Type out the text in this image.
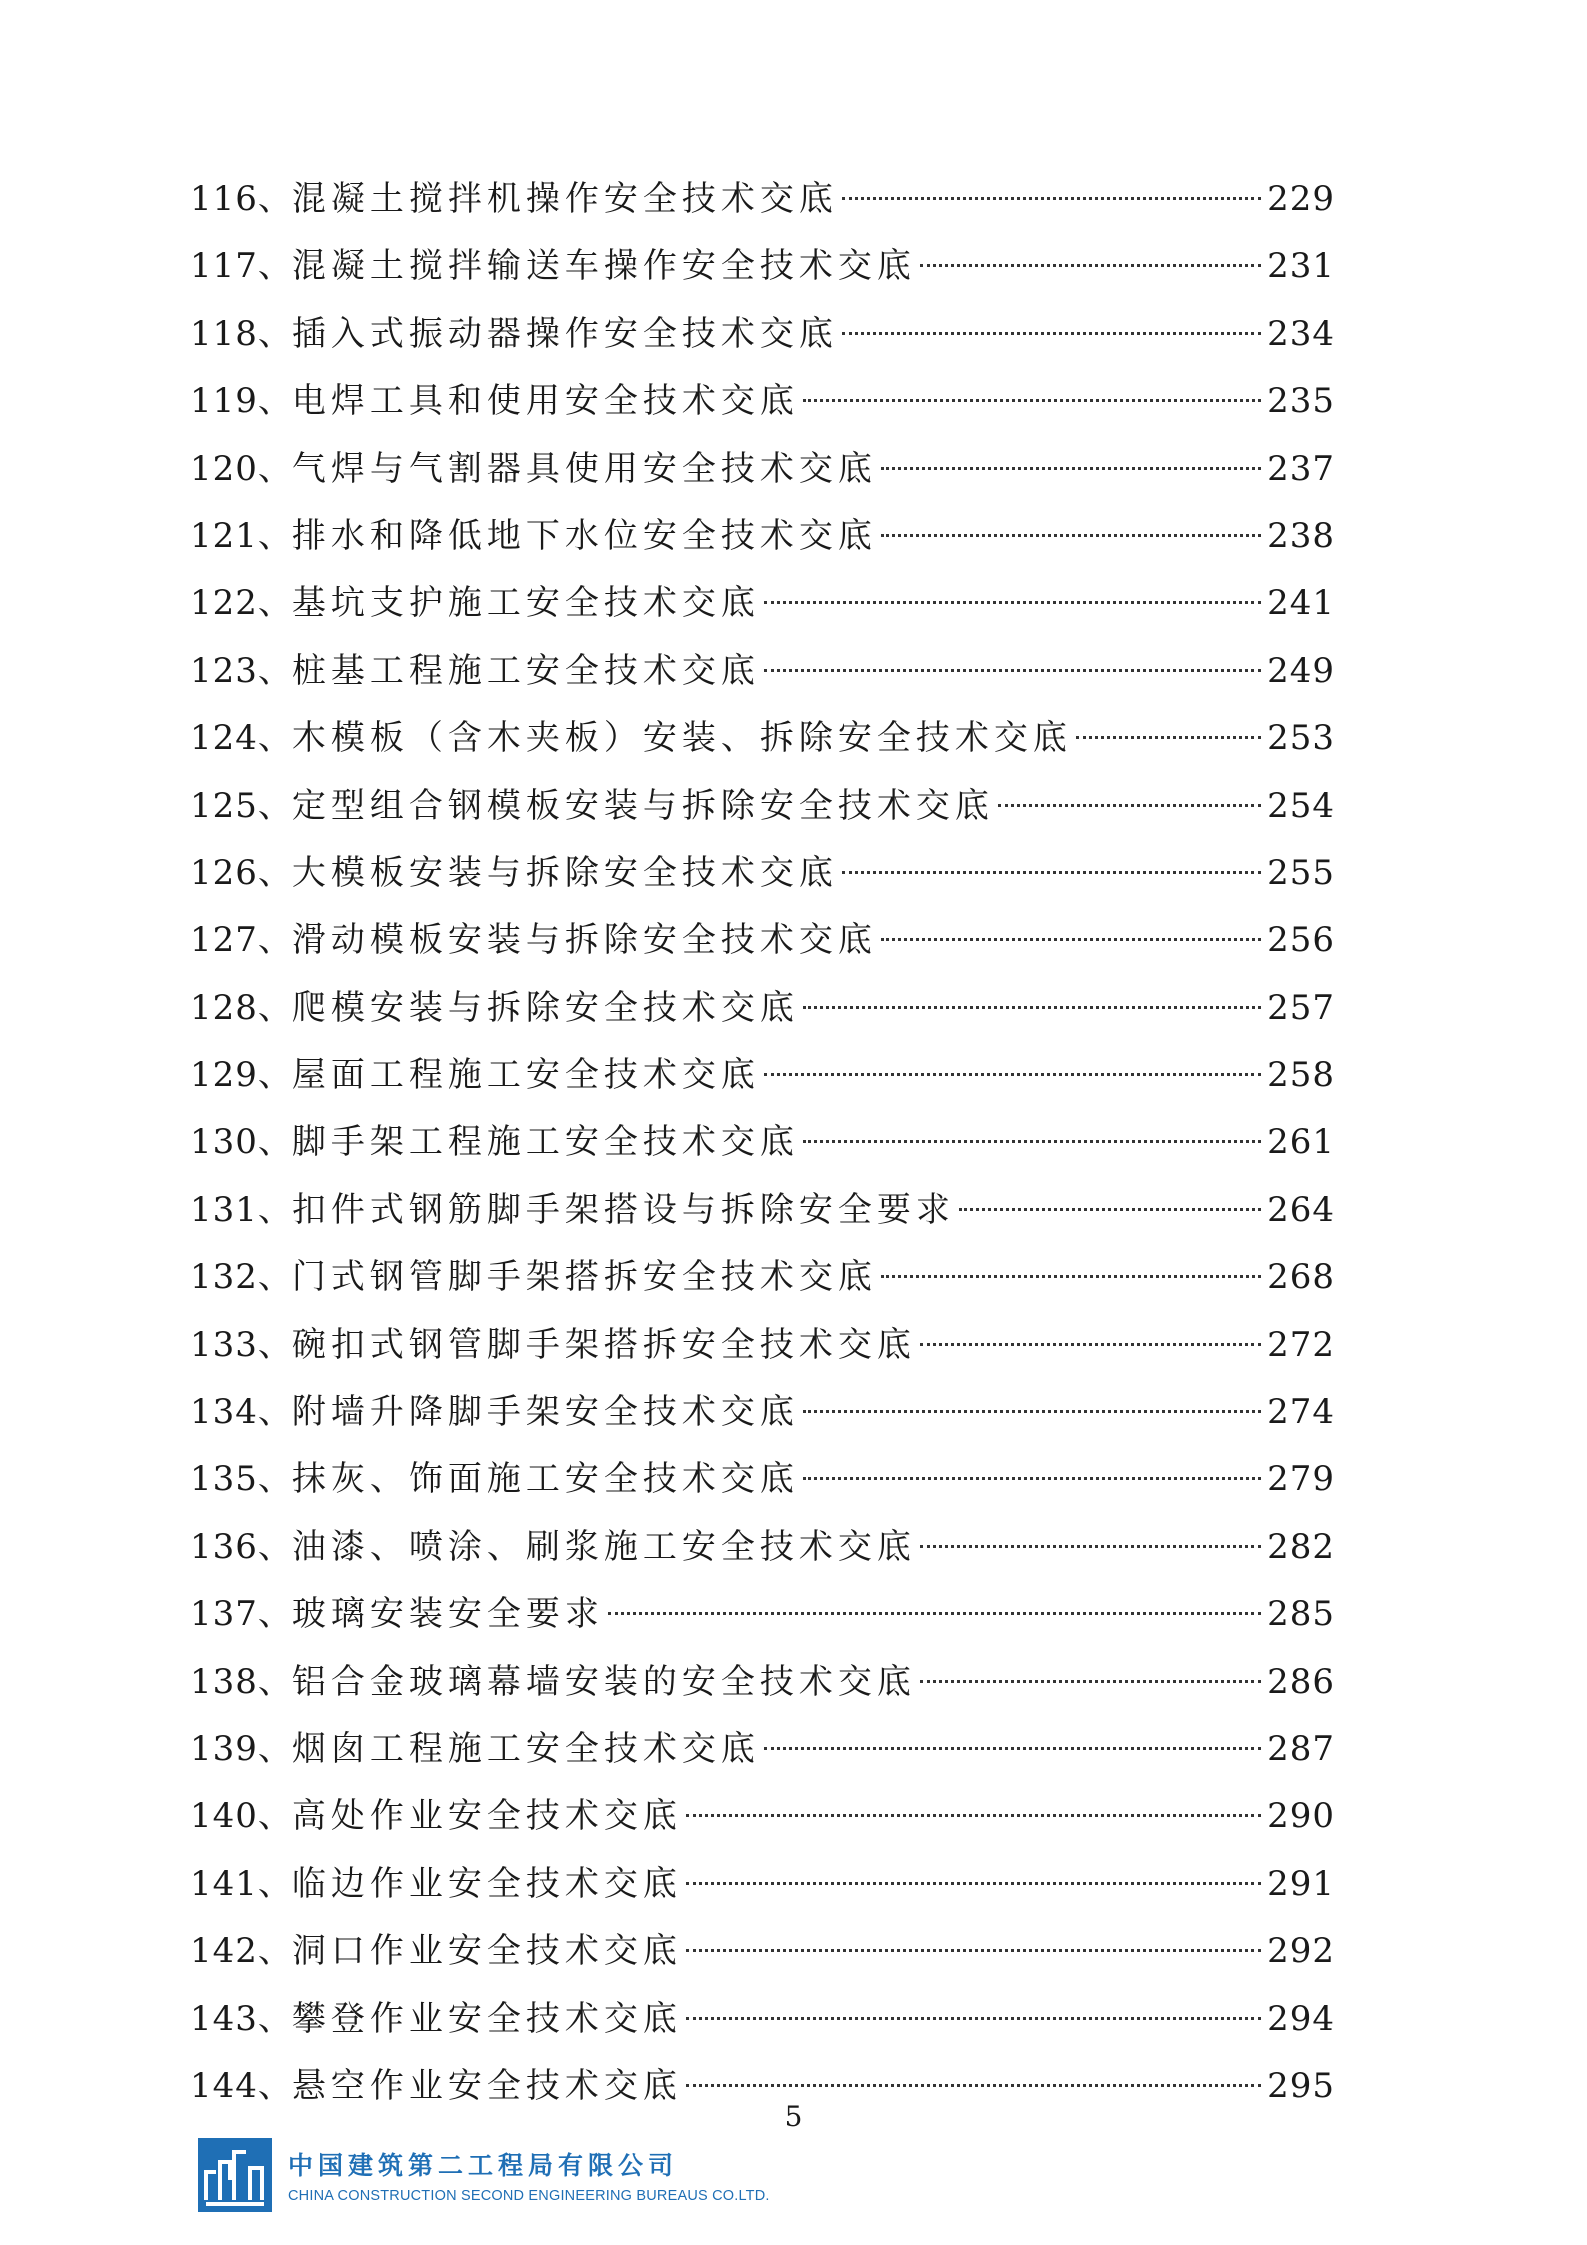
116 、 混凝土搅拌机操作安全技术交底	229
117 、 混凝土搅拌输送车操作安全技术交底	231
118 、 插入式振动器操作安全技术交底	234
119 、 电焊工具和使用安全技术交底	235
120 、 气焊与气割器具使用安全技术交底	237
121 、 排水和降低地下水位安全技术交底	238
122 、 基坑支护施工安全技术交底	241
123 、 桩基工程施工安全技术交底	249
124 、 木模板（含木夹板）安装、拆除安全技术交底	253
125 、 定型组合钢模板安装与拆除安全技术交底	254
126 、 大模板安装与拆除安全技术交底	255
127 、 滑动模板安装与拆除安全技术交底	256
128 、 爬模安装与拆除安全技术交底	257
129 、 屋面工程施工安全技术交底	258
130 、 脚手架工程施工安全技术交底	261
131 、 扣件式钢筋脚手架搭设与拆除安全要求	264
132 、 门式钢管脚手架搭拆安全技术交底	268
133 、 碗扣式钢管脚手架搭拆安全技术交底	272
134 、 附墙升降脚手架安全技术交底	274
135 、 抹灰、饰面施工安全技术交底	279
136 、 油漆、喷涂、刷浆施工安全技术交底	282
137 、 玻璃安装安全要求	285
138 、 铝合金玻璃幕墙安装的安全技术交底	286
139 、 烟囱工程施工安全技术交底	287
140 、 高处作业安全技术交底	290
141 、 临边作业安全技术交底	291
142 、 洞口作业安全技术交底	292
143 、 攀登作业安全技术交底	294
144 、 悬空作业安全技术交底	295
5
中国建筑第二工程局有限公司
CHINA CONSTRUCTION SECOND ENGINEERING BUREAUS CO.LTD.
